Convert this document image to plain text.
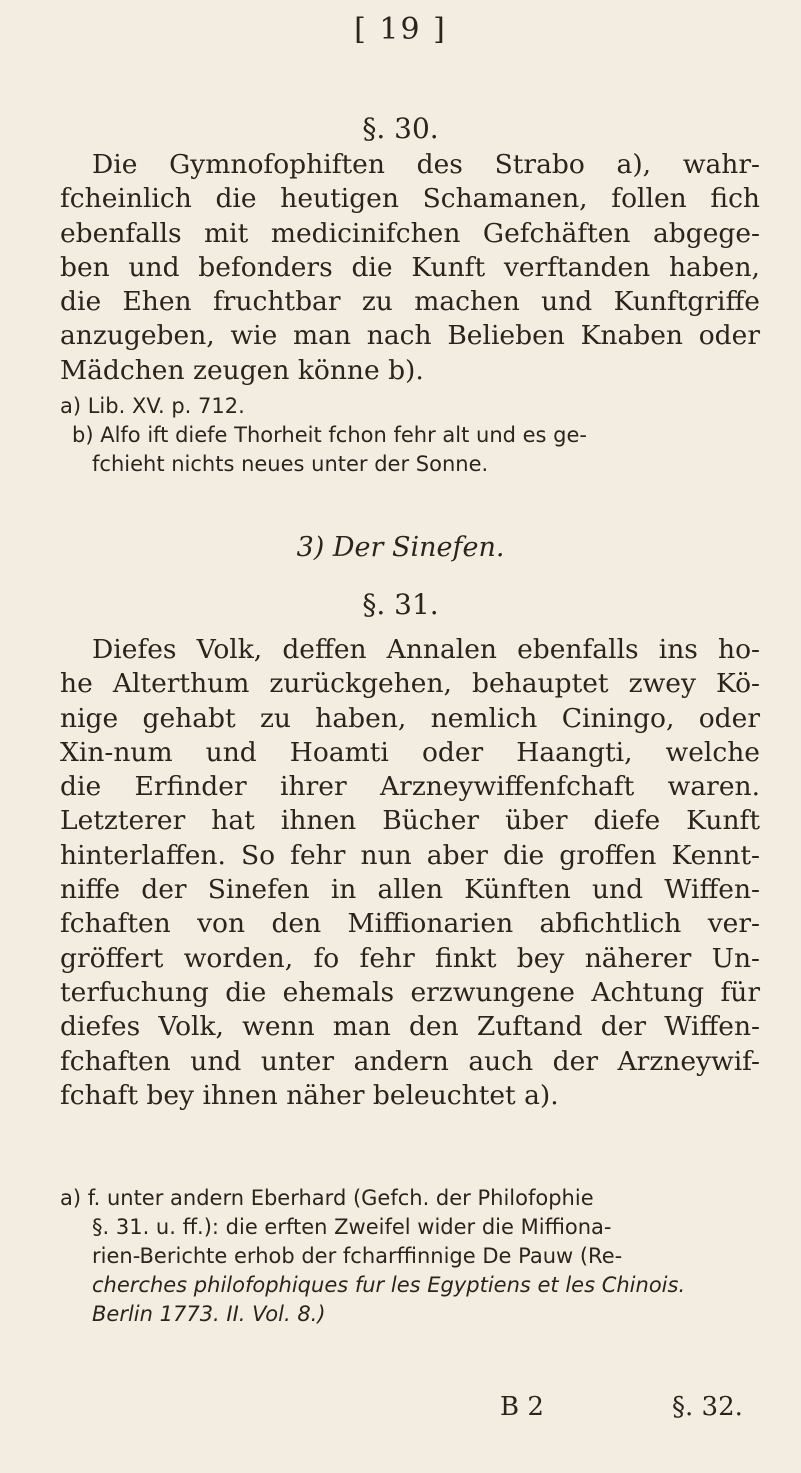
[ 19 ]
§. 30.
Die Gymnofophiften des Strabo a), wahr-
fcheinlich die heutigen Schamanen, follen fich
ebenfalls mit medicinifchen Gefchäften abgege-
ben und befonders die Kunft verftanden haben,
die Ehen fruchtbar zu machen und Kunftgriffe
anzugeben, wie man nach Belieben Knaben oder
Mädchen zeugen könne b).
a) Lib. XV. p. 712.
b) Alfo ift diefe Thorheit fchon fehr alt und es ge-
fchieht nichts neues unter der Sonne.
3) Der Sinefen.
§. 31.
Diefes Volk, deffen Annalen ebenfalls ins ho-
he Alterthum zurückgehen, behauptet zwey Kö-
nige gehabt zu haben, nemlich Ciningo, oder
Xin-num und Hoamti oder Haangti, welche
die Erfinder ihrer Arzneywiffenfchaft waren.
Letzterer hat ihnen Bücher über diefe Kunft
hinterlaffen. So fehr nun aber die groffen Kennt-
niffe der Sinefen in allen Künften und Wiffen-
fchaften von den Miffionarien abfichtlich ver-
gröffert worden, fo fehr finkt bey näherer Un-
terfuchung die ehemals erzwungene Achtung für
diefes Volk, wenn man den Zuftand der Wiffen-
fchaften und unter andern auch der Arzneywif-
fchaft bey ihnen näher beleuchtet a).
a) f. unter andern Eberhard (Gefch. der Philofophie
§. 31. u. ff.): die erften Zweifel wider die Miffiona-
rien-Berichte erhob der fcharffinnige De Pauw (Re-
cherches philofophiques fur les Egyptiens et les Chinois.
Berlin 1773. II. Vol. 8.)
B 2	§. 32.
